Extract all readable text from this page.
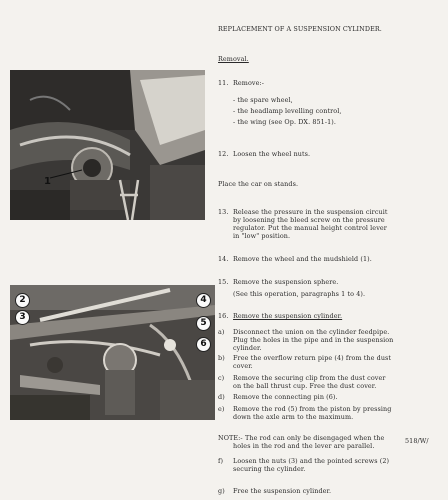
1
2
3
4
5
6
REPLACEMENT OF A SUSPENSION CYLINDER.
Removal.
11. Remove:-
- the spare wheel,
- the headlamp levelling control,
- the wing (see Op. DX. 851-1).
12. Loosen the wheel nuts.
Place the car on stands.
13. Release the pressure in the suspension circuit
by loosening the bleed screw on the pressure
regulator. Put the manual height control lever
in "low" position.
14. Remove the wheel and the mudshield (1).
15. Remove the suspension sphere.
(See this operation, paragraphs 1 to 4).
16. Remove the suspension cylinder.
a) Disconnect the union on the cylinder feedpipe.
Plug the holes in the pipe and in the suspension
cylinder.
b) Free the overflow return pipe (4) from the dust
cover.
c) Remove the securing clip from the dust cover
on the ball thrust cup. Free the dust cover.
d) Remove the connecting pin (6).
e) Remove the rod (5) from the piston by pressing
down the axle arm to the maximum.
NOTE:- The rod can only be disengaged when the
holes in the rod and the lever are parallel.
518/W/
f) Loosen the nuts (3) and the pointed screws (2)
securing the cylinder.
g) Free the suspension cylinder.
